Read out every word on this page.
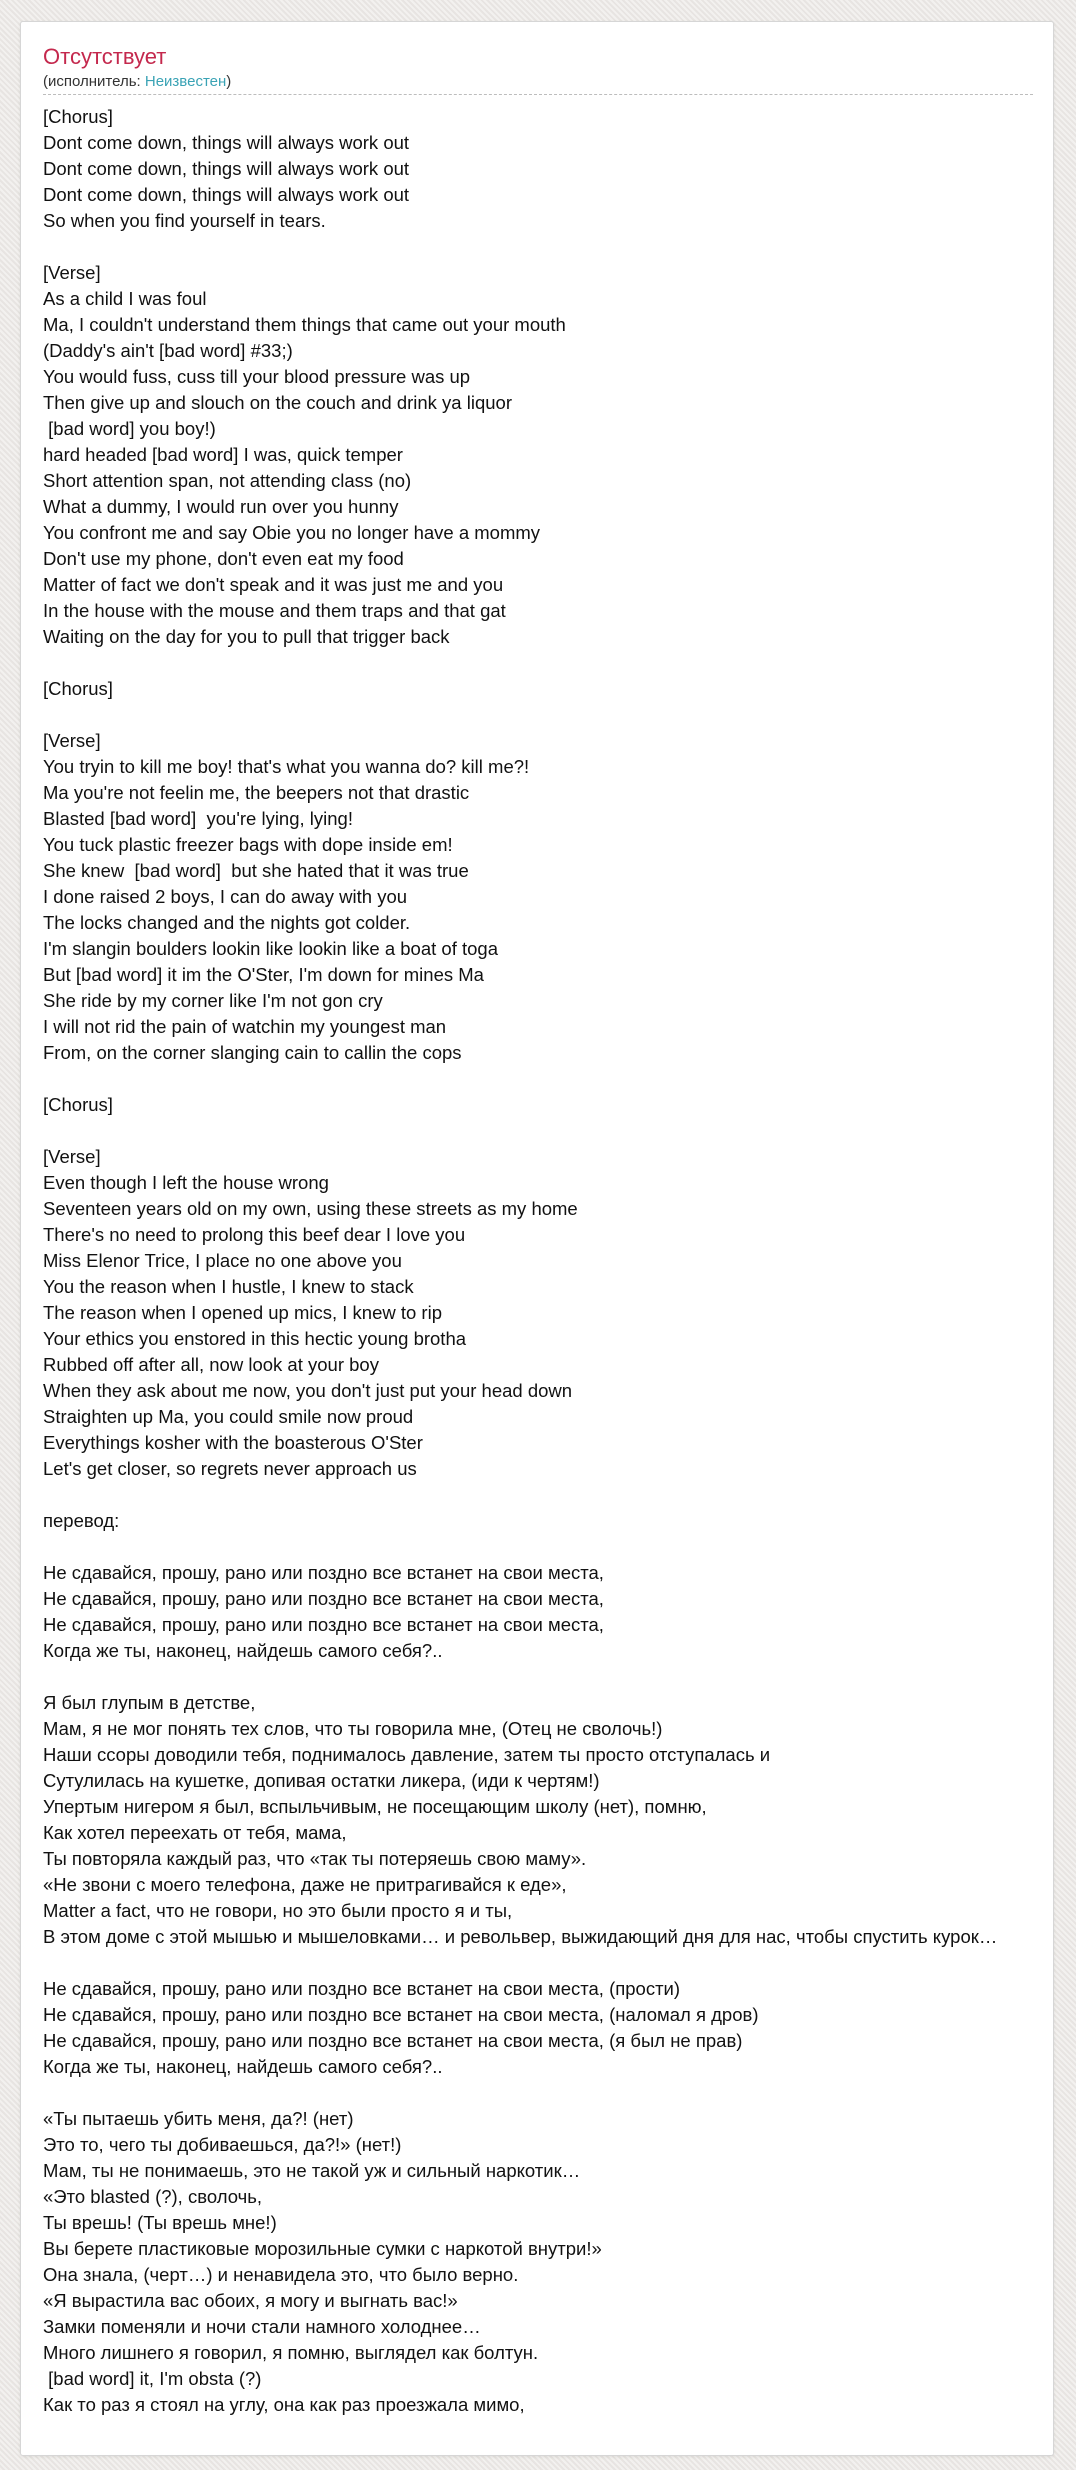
Отсутствует
(исполнитель: Неизвестен)
[Chorus]
Dont come down, things will always work out
Dont come down, things will always work out
Dont come down, things will always work out
So when you find yourself in tears.

[Verse]
As a child I was foul
Ma, I couldn't understand them things that came out your mouth
(Daddy's ain't [bad word] #33;)
You would fuss, cuss till your blood pressure was up
Then give up and slouch on the couch and drink ya liquor
[bad word] you boy!)
hard headed [bad word] I was, quick temper
Short attention span, not attending class (no)
What a dummy, I would run over you hunny
You confront me and say Obie you no longer have a mommy
Don't use my phone, don't even eat my food
Matter of fact we don't speak and it was just me and you
In the house with the mouse and them traps and that gat
Waiting on the day for you to pull that trigger back

[Chorus]

[Verse]
You tryin to kill me boy! that's what you wanna do? kill me?!
Ma you're not feelin me, the beepers not that drastic
Blasted [bad word]  you're lying, lying!
You tuck plastic freezer bags with dope inside em!
She knew  [bad word]  but she hated that it was true
I done raised 2 boys, I can do away with you
The locks changed and the nights got colder.
I'm slangin boulders lookin like lookin like a boat of toga
But [bad word] it im the O'Ster, I'm down for mines Ma
She ride by my corner like I'm not gon cry
I will not rid the pain of watchin my youngest man
From, on the corner slanging cain to callin the cops

[Chorus]

[Verse]
Even though I left the house wrong
Seventeen years old on my own, using these streets as my home
There's no need to prolong this beef dear I love you
Miss Elenor Trice, I place no one above you
You the reason when I hustle, I knew to stack
The reason when I opened up mics, I knew to rip
Your ethics you enstored in this hectic young brotha
Rubbed off after all, now look at your boy
When they ask about me now, you don't just put your head down
Straighten up Ma, you could smile now proud
Everythings kosher with the boasterous O'Ster
Let's get closer, so regrets never approach us

перевод:

Не сдавайся, прошу, рано или поздно все встанет на свои места,
Не сдавайся, прошу, рано или поздно все встанет на свои места,
Не сдавайся, прошу, рано или поздно все встанет на свои места,
Когда же ты, наконец, найдешь самого себя?..

Я был глупым в детстве,
Мам, я не мог понять тех слов, что ты говорила мне, (Отец не сволочь!)
Наши ссоры доводили тебя, поднималось давление, затем ты просто отступалась и
Сутулилась на кушетке, допивая остатки ликера, (иди к чертям!)
Упертым нигером я был, вспыльчивым, не посещающим школу (нет), помню,
Как хотел переехать от тебя, мама,
Ты повторяла каждый раз, что «так ты потеряешь свою маму».
«Не звони с моего телефона, даже не притрагивайся к еде»,
Matter a fact, что не говори, но это были просто я и ты,
В этом доме с этой мышью и мышеловками… и револьвер, выжидающий дня для нас, чтобы спустить курок…

Не сдавайся, прошу, рано или поздно все встанет на свои места, (прости)
Не сдавайся, прошу, рано или поздно все встанет на свои места, (наломал я дров)
Не сдавайся, прошу, рано или поздно все встанет на свои места, (я был не прав)
Когда же ты, наконец, найдешь самого себя?..

«Ты пытаешь убить меня, да?! (нет)
Это то, чего ты добиваешься, да?!» (нет!)
Мам, ты не понимаешь, это не такой уж и сильный наркотик…
«Это blasted (?), сволочь,
Ты врешь! (Ты врешь мне!)
Вы берете пластиковые морозильные сумки с наркотой внутри!»
Она знала, (черт…) и ненавидела это, что было верно.
«Я вырастила вас обоих, я могу и выгнать вас!»
Замки поменяли и ночи стали намного холоднее…
Много лишнего я говорил, я помню, выглядел как болтун.
[bad word] it, I'm obsta (?)
Как то раз я стоял на углу, она как раз проезжала мимо,
